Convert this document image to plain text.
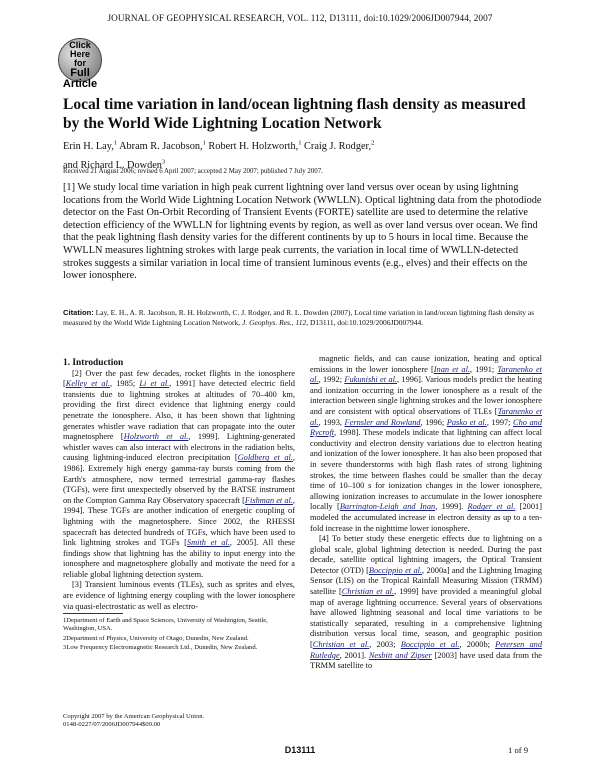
Click
Here
for
Full
Article
JOURNAL OF GEOPHYSICAL RESEARCH, VOL. 112, D13111, doi:10.1029/2006JD007944, 2007
Local time variation in land/ocean lightning flash density as measured by the World Wide Lightning Location Network
Erin H. Lay,$^1$ Abram R. Jacobson,$^1$ Robert H. Holzworth,$^1$ Craig J. Rodger,$^2$
and Richard L. Dowden$^3$
Received 21 August 2006; revised 6 April 2007; accepted 2 May 2007; published 7 July 2007.

[1] We study local time variation in high peak current lightning over land versus over ocean by using lightning locations from the World Wide Lightning Location Network (WWLLN). Optical lightning data from the photodiode detector on the Fast On-Orbit Recording of Transient Events (FORTE) satellite are used to determine the relative detection efficiency of the WWLLN for lightning events by region, as well as over land versus over ocean. We find that the peak lightning flash density varies for the different continents by up to 5 hours in local time. Because the WWLLN measures lightning strokes with large peak currents, the variation in local time of WWLLN-detected strokes suggests a similar variation in local time of transient luminous events (e.g., elves) and their effects on the lower ionosphere.

Citation: Lay, E. H., A. R. Jacobson, R. H. Holzworth, C. J. Rodger, and R. L. Dowden (2007), Local time variation in land/ocean lightning flash density as measured by the World Wide Lightning Location Network, J. Geophys. Res., 112, D13111, doi:10.1029/2006JD007944.

1. Introduction

[2] Over the past few decades, rocket flights in the ionosphere [Kelley et al., 1985; Li et al., 1991] have detected electric field transients due to lightning strokes at altitudes of 70–400 km, providing the first direct evidence that lightning energy could penetrate the ionosphere. Also, it has been shown that lightning generates whistler wave radiation that can propagate into the outer magnetosphere [Holzworth et al., 1999]. Lightning-generated whistler waves can also interact with electrons in the radiation belts, causing lightning-induced electron precipitation [Goldberg et al., 1986]. Extremely high energy gamma-ray bursts coming from the Earth's atmosphere, now termed terrestrial gamma-ray flashes (TGFs), were first unexpectedly observed by the BATSE instrument on the Compton Gamma Ray Observatory spacecraft [Fishman et al., 1994]. These TGFs are another indication of energetic coupling of lightning with the magnetosphere. Since 2002, the RHESSI spacecraft has detected hundreds of TGFs, which have been used to link lightning strokes and TGFs [Smith et al., 2005]. All these findings show that lightning has the ability to input energy into the ionosphere and magnetosphere globally and motivate the need for a reliable global lightning detection system.

[3] Transient luminous events (TLEs), such as sprites and elves, are evidence of lightning energy coupling with the lower ionosphere via quasi-electrostatic as well as electro-

magnetic fields, and can cause ionization, heating and optical emissions in the lower ionosphere [Inan et al., 1991; Taranenko et al., 1992; Fukunishi et al., 1996]. Various models predict the heating and ionization occurring in the lower ionosphere as a result of the interaction between single lightning strokes and the lower ionosphere and are consistent with optical observations of TLEs [Taranenko et al., 1993, Fernsler and Rowland, 1996; Pasko et al., 1997; Cho and Rycroft, 1998]. These models indicate that lightning can affect local conductivity and electron density variations due to electron heating and ionization of the lower ionosphere. It has also been proposed that in severe thunderstorms with high flash rates of strong lightning strokes, the time between flashes could be smaller than the decay time of 10–100 s for ionization changes in the lower ionosphere, allowing ionization increases to accumulate in the lower ionosphere locally [Barrington-Leigh and Inan, 1999]. Rodger et al. [2001] modeled the accumulated increase in electron density as up to a ten-fold increase in the nighttime lower ionosphere.

[4] To better study these energetic effects due to lightning on a global scale, global lightning detection is needed. During the past decade, satellite optical lightning imagers, the Optical Transient Detector (OTD) [Boccippio et al., 2000a] and the Lightning Imaging Sensor (LIS) on the Tropical Rainfall Measuring Mission (TRMM) satellite [Christian et al., 1999] have provided a meaningful global map of average lightning occurrence. Several years of observations have allowed lightning seasonal and local time variations to be statistically separated, resulting in a comprehensive lightning distribution versus local time, season, and geographic position [Christian et al., 2003; Boccippio et al., 2000b; Petersen and Rutledge, 2001]. Nesbitt and Zipser [2003] have used data from the TRMM satellite to

1Department of Earth and Space Sciences, University of Washington, Seattle, Washington, USA.

2Department of Physics, University of Otago, Dunedin, New Zealand.

3Low Frequency Electromagnetic Research Ltd., Dunedin, New Zealand.

Copyright 2007 by the American Geophysical Union.
0148-0227/07/2006JD007944$09.00
D13111	1 of 9
